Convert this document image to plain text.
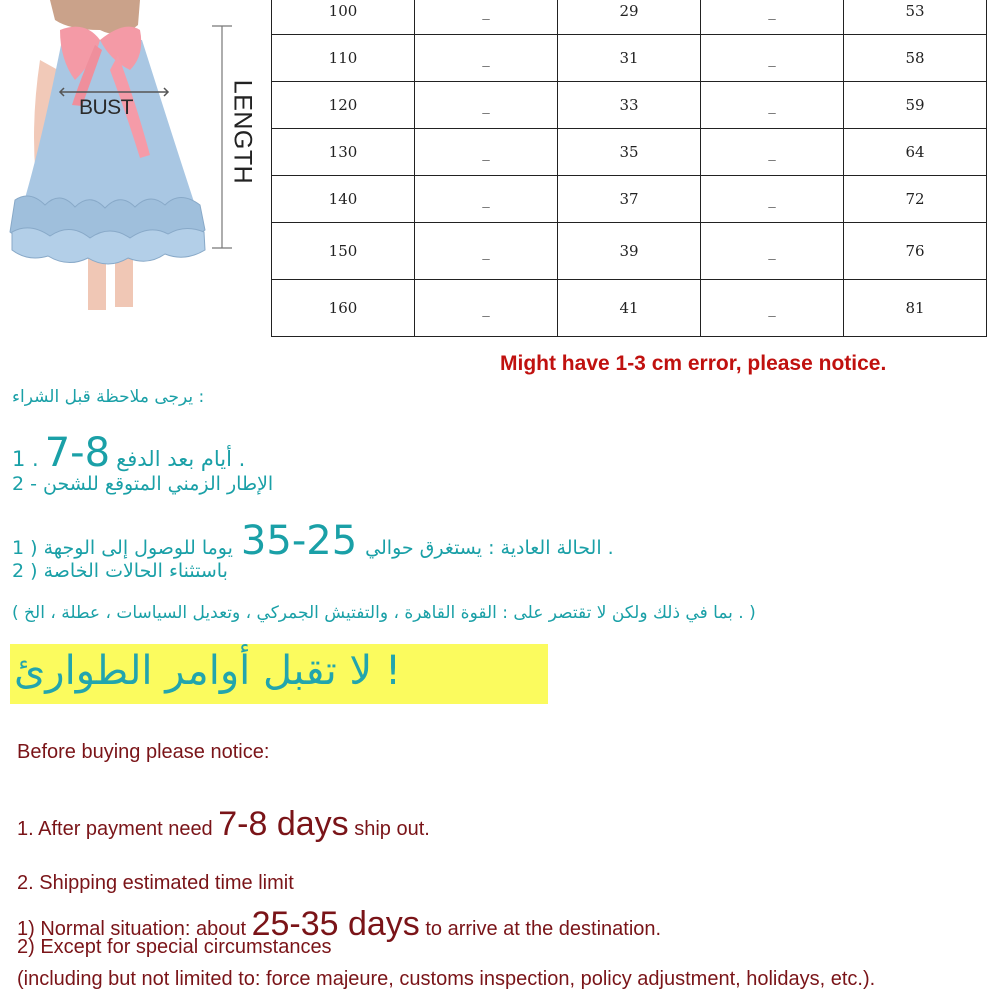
BUST	LENGTH
100	_	29	_	53
110	_	31	_	58
120	_	33	_	59
130	_	35	_	64
140	_	37	_	72
150	_	39	_	76
160	_	41	_	81
Might have 1-3 cm error, please notice.
يرجى ملاحظة قبل الشراء :
1 . 7-8 أيام بعد الدفع .
2 - الإطار الزمني المتوقع للشحن
1 ) الحالة العادية : يستغرق حوالي25-35يوما للوصول إلى الوجهة .
2 ) باستثناء الحالات الخاصة
( بما في ذلك ولكن لا تقتصر على : القوة القاهرة ، والتفتيش الجمركي ، وتعديل السياسات ، عطلة ، الخ . )
لا تقبل أوامر الطوارئ !
Before buying please notice:
1. After payment need 7-8 days ship out.
2. Shipping estimated time limit
1) Normal situation: about 25-35 days to arrive at the destination.
2) Except for special circumstances
(including but not limited to: force majeure, customs inspection, policy adjustment, holidays, etc.).
